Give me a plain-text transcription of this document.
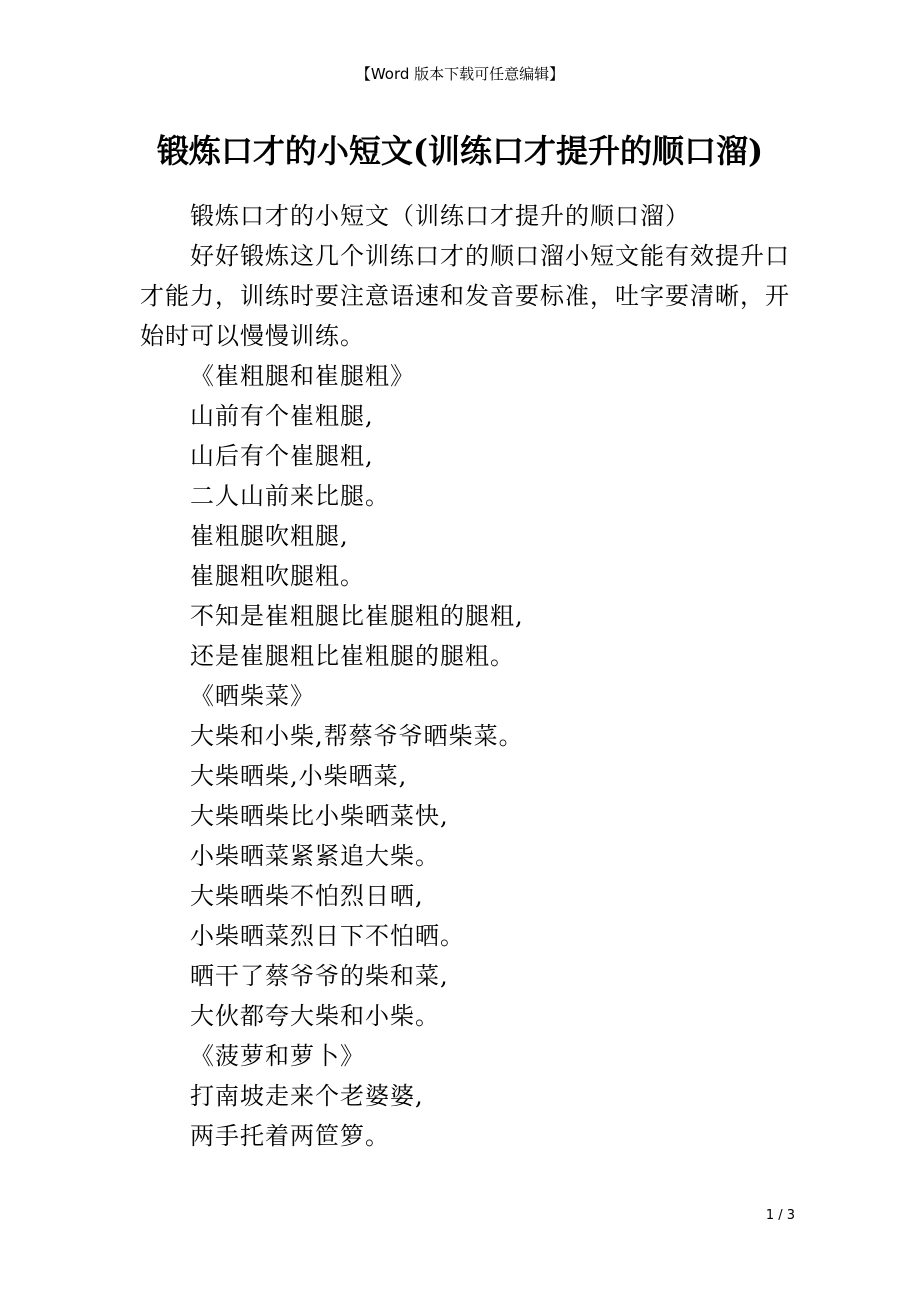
【Word 版本下载可任意编辑】
锻炼口才的小短文(训练口才提升的顺口溜)

锻炼口才的小短文（训练口才提升的顺口溜）

好好锻炼这几个训练口才的顺口溜小短文能有效提升口才能力，训练时要注意语速和发音要标准，吐字要清晰，开始时可以慢慢训练。

《崔粗腿和崔腿粗》

山前有个崔粗腿,

山后有个崔腿粗,

二人山前来比腿。

崔粗腿吹粗腿,

崔腿粗吹腿粗。

不知是崔粗腿比崔腿粗的腿粗,

还是崔腿粗比崔粗腿的腿粗。

《晒柴菜》

大柴和小柴,帮蔡爷爷晒柴菜。

大柴晒柴,小柴晒菜,

大柴晒柴比小柴晒菜快,

小柴晒菜紧紧追大柴。

大柴晒柴不怕烈日晒,

小柴晒菜烈日下不怕晒。

晒干了蔡爷爷的柴和菜,

大伙都夸大柴和小柴。

《菠萝和萝卜》

打南坡走来个老婆婆,

两手托着两笸箩。

1 / 3
